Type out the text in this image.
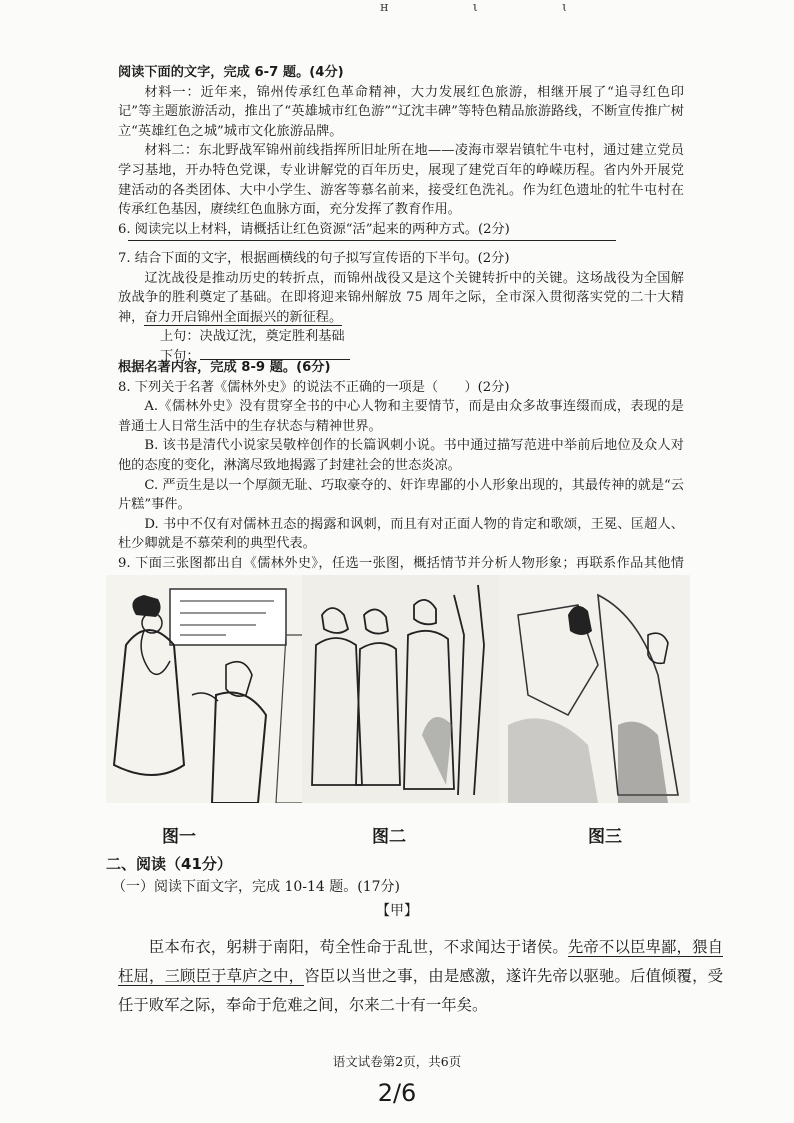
ʜ ι ɩ

阅读下面的文字，完成 6-7 题。(4分)

材料一：近年来，锦州传承红色革命精神，大力发展红色旅游，相继开展了“追寻红色印记”等主题旅游活动，推出了“英雄城市红色游”“辽沈丰碑”等特色精品旅游路线，不断宣传推广树立“英雄红色之城”城市文化旅游品牌。

材料二：东北野战军锦州前线指挥所旧址所在地——凌海市翠岩镇牤牛屯村，通过建立党员学习基地，开办特色党课，专业讲解党的百年历史，展现了建党百年的峥嵘历程。省内外开展党建活动的各类团体、大中小学生、游客等慕名前来，接受红色洗礼。作为红色遗址的牤牛屯村在传承红色基因，赓续红色血脉方面，充分发挥了教育作用。

6. 阅读完以上材料，请概括让红色资源“活”起来的两种方式。(2分)

7. 结合下面的文字，根据画横线的句子拟写宣传语的下半句。(2分)

辽沈战役是推动历史的转折点，而锦州战役又是这个关键转折中的关键。这场战役为全国解放战争的胜利奠定了基础。在即将迎来锦州解放 75 周年之际，全市深入贯彻落实党的二十大精神，奋力开启锦州全面振兴的新征程。

上句：决战辽沈，奠定胜利基础

下句：

根据名著内容，完成 8-9 题。(6分)

8. 下列关于名著《儒林外史》的说法不正确的一项是（　　）(2分)

A.《儒林外史》没有贯穿全书的中心人物和主要情节，而是由众多故事连缀而成，表现的是普通士人日常生活中的生存状态与精神世界。

B. 该书是清代小说家吴敬梓创作的长篇讽刺小说。书中通过描写范进中举前后地位及众人对他的态度的变化，淋漓尽致地揭露了封建社会的世态炎凉。

C. 严贡生是以一个厚颜无耻、巧取豪夺的、奸诈卑鄙的小人形象出现的，其最传神的就是“云片糕”事件。

D. 书中不仅有对儒林丑态的揭露和讽刺，而且有对正面人物的肯定和歌颂，王冕、匡超人、杜少卿就是不慕荣利的典型代表。

9. 下面三张图都出自《儒林外史》，任选一张图，概括情节并分析人物形象；再联系作品其他情

图一	图二	图三
二、阅读（41分）
（一）阅读下面文字，完成 10-14 题。(17分)
【甲】

臣本布衣，躬耕于南阳，苟全性命于乱世，不求闻达于诸侯。先帝不以臣卑鄙，猥自枉屈，三顾臣于草庐之中，咨臣以当世之事，由是感激，遂许先帝以驱驰。后值倾覆，受任于败军之际，奉命于危难之间，尔来二十有一年矣。

语文试卷第2页，共6页
2/6
